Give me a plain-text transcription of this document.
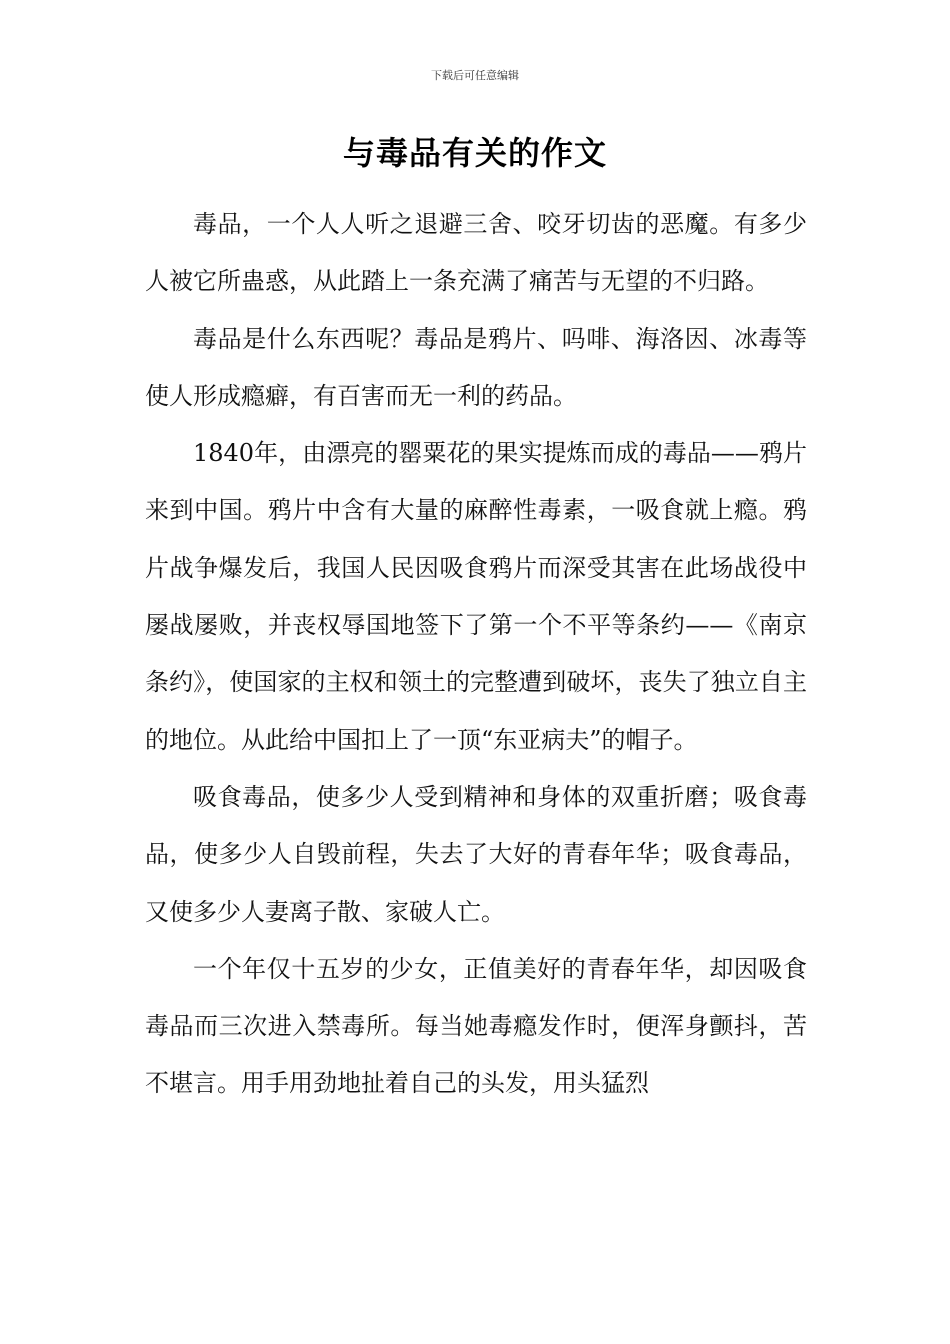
下载后可任意编辑
与毒品有关的作文

毒品，一个人人听之退避三舍、咬牙切齿的恶魔。有多少人被它所蛊惑，从此踏上一条充满了痛苦与无望的不归路。

毒品是什么东西呢？毒品是鸦片、吗啡、海洛因、冰毒等使人形成瘾癖，有百害而无一利的药品。

1840年，由漂亮的罂粟花的果实提炼而成的毒品——鸦片来到中国。鸦片中含有大量的麻醉性毒素，一吸食就上瘾。鸦片战争爆发后，我国人民因吸食鸦片而深受其害在此场战役中屡战屡败，并丧权辱国地签下了第一个不平等条约——《南京条约》，使国家的主权和领土的完整遭到破坏，丧失了独立自主的地位。从此给中国扣上了一顶“东亚病夫”的帽子。

吸食毒品，使多少人受到精神和身体的双重折磨；吸食毒品，使多少人自毁前程，失去了大好的青春年华；吸食毒品，又使多少人妻离子散、家破人亡。

一个年仅十五岁的少女，正值美好的青春年华，却因吸食毒品而三次进入禁毒所。每当她毒瘾发作时，便浑身颤抖，苦不堪言。用手用劲地扯着自己的头发，用头猛烈
